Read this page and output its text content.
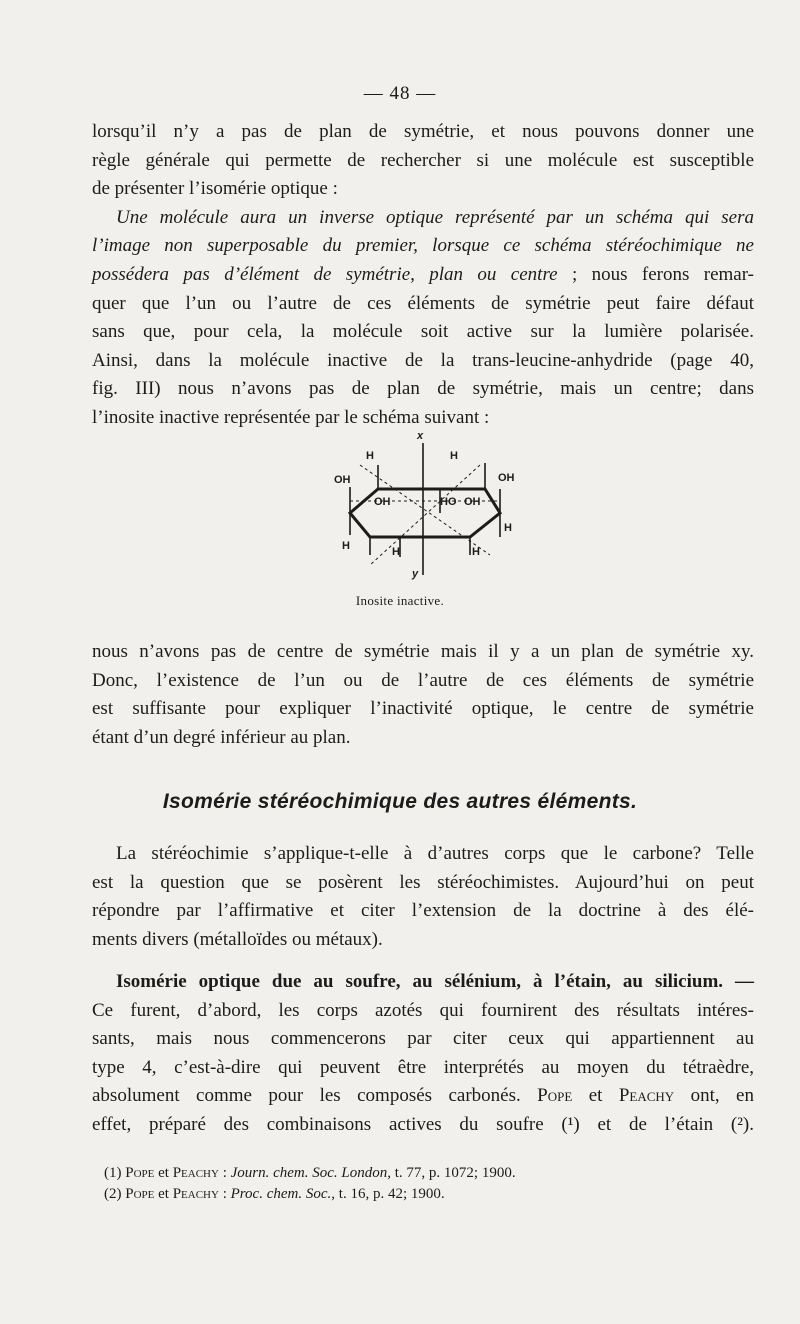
— 48 —
lorsqu’il n’y a pas de plan de symétrie, et nous pouvons donner une
règle générale qui permette de rechercher si une molécule est susceptible
de présenter l’isomérie optique :
Une molécule aura un inverse optique représenté par un schéma qui sera
l’image non superposable du premier, lorsque ce schéma stéréochimique ne
possédera pas d’élément de symétrie, plan ou centre ; nous ferons remar-
quer que l’un ou l’autre de ces éléments de symétrie peut faire défaut
sans que, pour cela, la molécule soit active sur la lumière polarisée.
Ainsi, dans la molécule inactive de la trans-leucine-anhydride (page 40,
fig. III) nous n’avons pas de plan de symétrie, mais un centre; dans
l’inosite inactive représentée par le schéma suivant :
x
H	H
OH	OH
OH	HO OH
H
H	H	H
y
Inosite inactive.
nous n’avons pas de centre de symétrie mais il y a un plan de symétrie xy.
Donc, l’existence de l’un ou de l’autre de ces éléments de symétrie
est suffisante pour expliquer l’inactivité optique, le centre de symétrie
étant d’un degré inférieur au plan.
Isomérie stéréochimique des autres éléments.
La stéréochimie s’applique-t-elle à d’autres corps que le carbone? Telle
est la question que se posèrent les stéréochimistes. Aujourd’hui on peut
répondre par l’affirmative et citer l’extension de la doctrine à des élé-
ments divers (métalloïdes ou métaux).
Isomérie optique due au soufre, au sélénium, à l’étain, au silicium. —
Ce furent, d’abord, les corps azotés qui fournirent des résultats intéres-
sants, mais nous commencerons par citer ceux qui appartiennent au
type 4, c’est-à-dire qui peuvent être interprétés au moyen du tétraèdre,
absolument comme pour les composés carbonés. Pope et Peachy ont, en
effet, préparé des combinaisons actives du soufre (¹) et de l’étain (²).
(1) Pope et Peachy : Journ. chem. Soc. London, t. 77, p. 1072; 1900.
(2) Pope et Peachy : Proc. chem. Soc., t. 16, p. 42; 1900.
